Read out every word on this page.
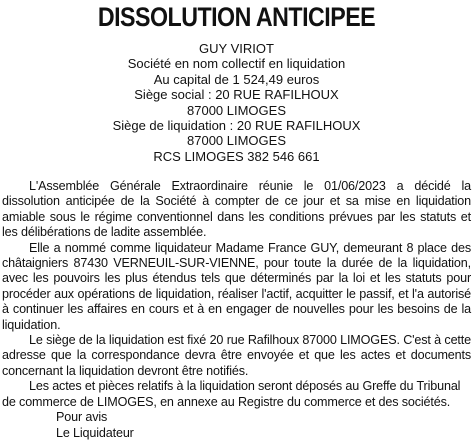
DISSOLUTION ANTICIPEE
GUY VIRIOT
Société en nom collectif en liquidation
Au capital de 1 524,49 euros
Siège social : 20 RUE RAFILHOUX
87000 LIMOGES
Siège de liquidation : 20 RUE RAFILHOUX
87000 LIMOGES
RCS LIMOGES 382 546 661

L'Assemblée Générale Extraordinaire réunie le 01/06/2023 a décidé la dissolution anticipée de la Société à compter de ce jour et sa mise en liquidation amiable sous le régime conventionnel dans les conditions prévues par les statuts et les délibérations de ladite assemblée.

Elle a nommé comme liquidateur Madame France GUY, demeurant 8 place des châtaigniers 87430 VERNEUIL-SUR-VIENNE, pour toute la durée de la liquidation, avec les pouvoirs les plus étendus tels que déterminés par la loi et les statuts pour procéder aux opérations de liquidation, réaliser l'actif, acquitter le passif, et l'a autorisé à continuer les affaires en cours et à en engager de nouvelles pour les besoins de la liquidation.

Le siège de la liquidation est fixé 20 rue Rafilhoux 87000 LIMOGES. C'est à cette adresse que la correspondance devra être envoyée et que les actes et documents concernant la liquidation devront être notifiés.

Les actes et pièces relatifs à la liquidation seront déposés au Greffe du Tribunal de commerce de LIMOGES, en annexe au Registre du commerce et des sociétés.

Pour avis

Le Liquidateur
